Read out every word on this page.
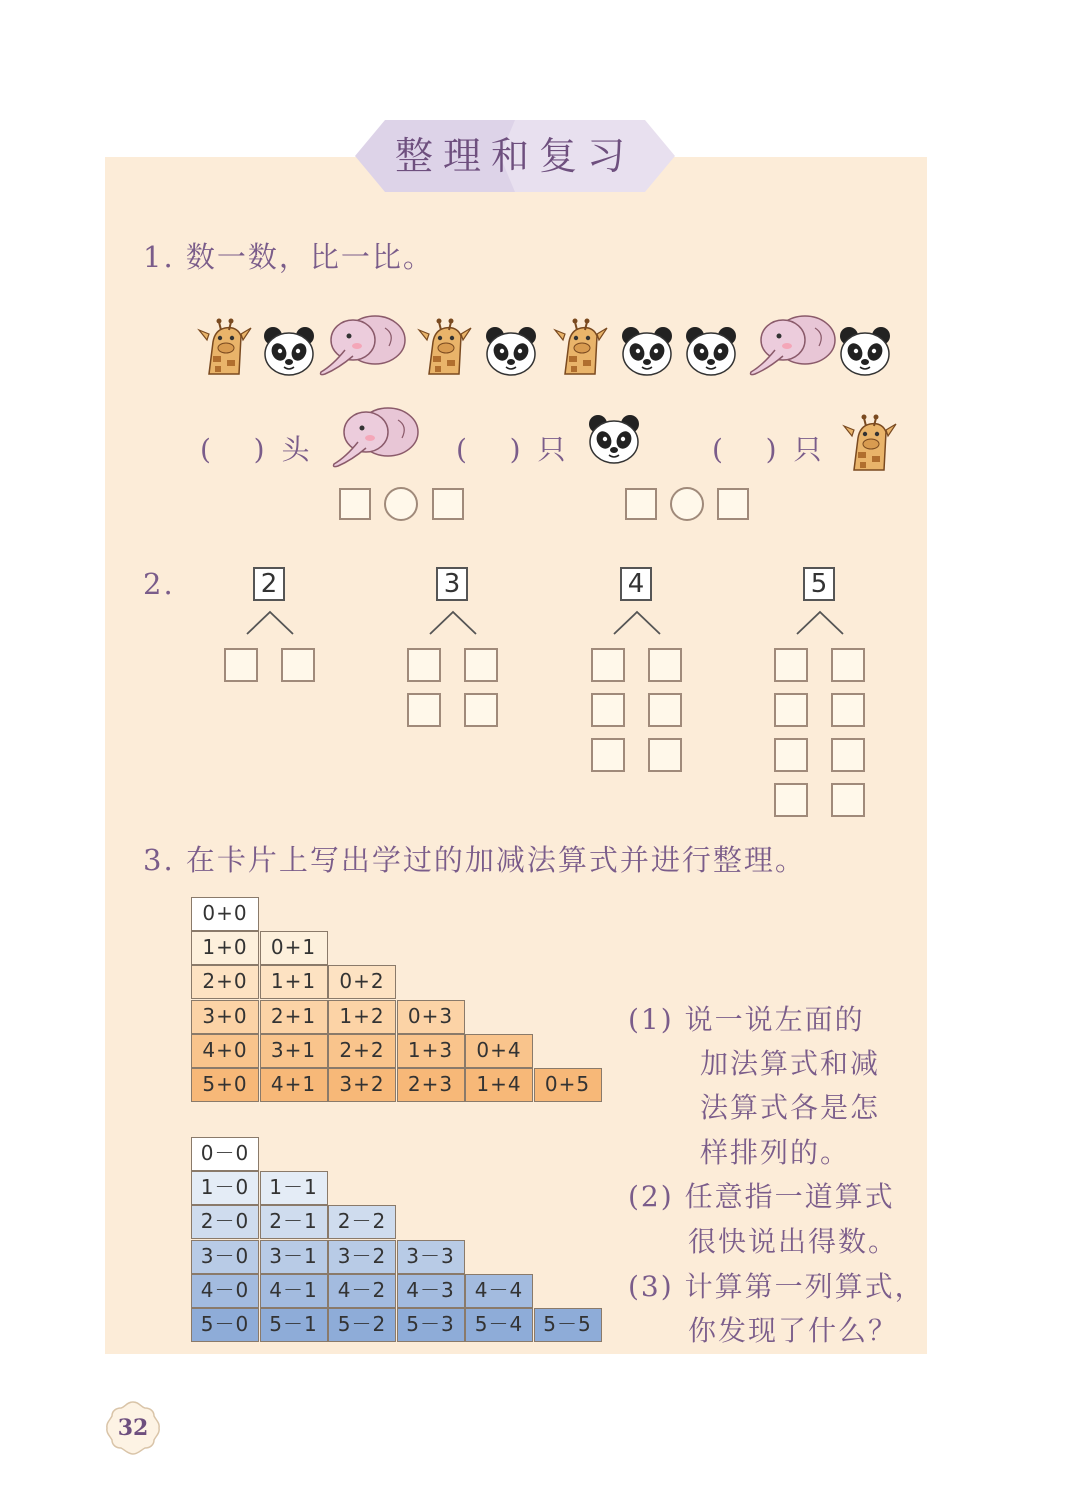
整理和复习
1. 数一数，比一比。
( ) 头	( ) 只	( ) 只
2.	2	3	4	5
3. 在卡片上写出学过的加减法算式并进行整理。
0+0
1+0	0+1
2+0	1+1	0+2
3+0	2+1	1+2	0+3
4+0	3+1	2+2	1+3	0+4
5+0	4+1	3+2	2+3	1+4	0+5
0－0
1－0	1－1
2－0	2－1	2－2
3－0	3－1	3－2	3－3
4－0	4－1	4－2	4－3	4－4
5－0	5－1	5－2	5－3	5－4	5－5
(1) 说一说左面的
加法算式和减
法算式各是怎
样排列的。
(2) 任意指一道算式
很快说出得数。
(3) 计算第一列算式，
你发现了什么？
32
